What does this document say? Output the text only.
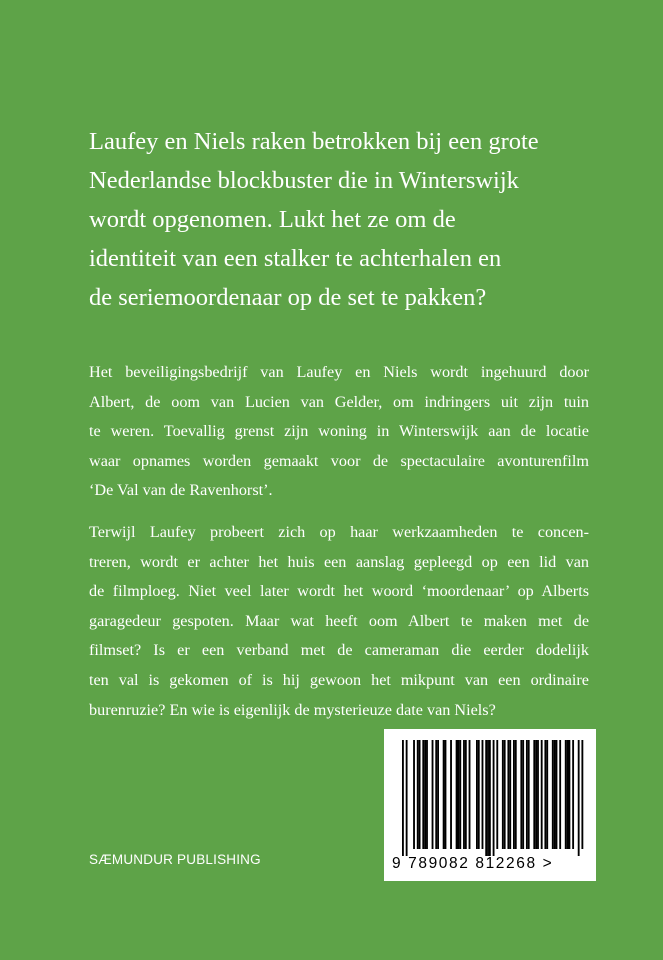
Laufey en Niels raken betrokken bij een grote
Nederlandse blockbuster die in Winterswijk
wordt opgenomen. Lukt het ze om de
identiteit van een stalker te achterhalen en
de seriemoordenaar op de set te pakken?
Het beveiligingsbedrijf van Laufey en Niels wordt ingehuurd door
Albert, de oom van Lucien van Gelder, om indringers uit zijn tuin
te weren. Toevallig grenst zijn woning in Winterswijk aan de locatie
waar opnames worden gemaakt voor de spectaculaire avonturenfilm
‘De Val van de Ravenhorst’.
Terwijl Laufey probeert zich op haar werkzaamheden te concen-
treren, wordt er achter het huis een aanslag gepleegd op een lid van
de filmploeg. Niet veel later wordt het woord ‘moordenaar’ op Alberts
garagedeur gespoten. Maar wat heeft oom Albert te maken met de
filmset? Is er een verband met de cameraman die eerder dodelijk
ten val is gekomen of is hij gewoon het mikpunt van een ordinaire
burenruzie? En wie is eigenlijk de mysterieuze date van Niels?
SÆMUNDUR PUBLISHING	9 789082 812268 >
